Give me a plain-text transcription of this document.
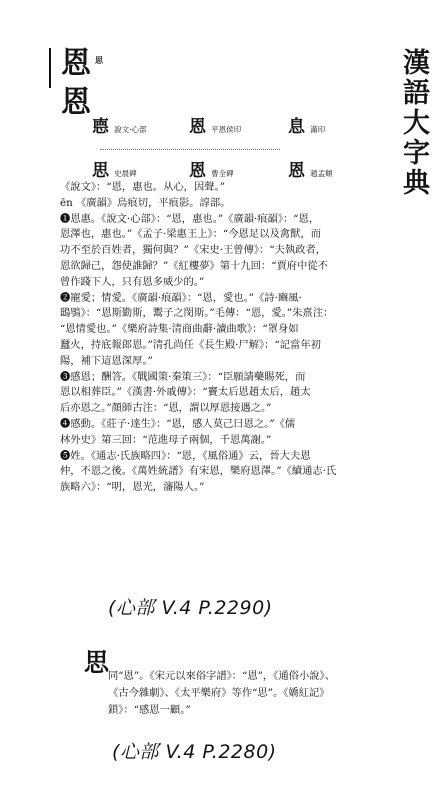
恩
恩
思	漢語大字典
㥁 說文·心部	恩 平恩侯印	息 滿印
思 史晨碑	恩 曹全碑	恩 趙孟頫

《說文》：“恩，惠也。从心，因聲。”

ēn 《廣韻》烏痕切，平痕影。諄部。

❶恩惠。《說文·心部》：“恩，惠也。”《廣韻·痕韻》：“恩，

恩澤也，惠也。”《孟子·梁惠王上》：“今恩足以及禽獸，而

功不至於百姓者，獨何與？”《宋史·王曾傳》：“夫執政者，

恩欲歸己，怨使誰歸？”《紅樓夢》第十九回：“賈府中從不

曾作踐下人，只有恩多威少的。”

❷寵愛；情愛。《廣韻·痕韻》：“恩，愛也。”《詩·豳風·

鴟鴞》：“恩斯勤斯，鬻子之閔斯。”毛傳：“恩，愛。”朱熹注：

“恩情愛也。”《樂府詩集·清商曲辭·讀曲歌》：“罩身如

蠶火，持底報郎恩。”清孔尚任《長生殿·尸解》：“記當年初

陽，補下這恩深厚。”

❸感恩；酬答。《戰國策·秦策三》：“臣願請藥賜死，而

恩以相葬臣。”《漢書·外戚傳》：“竇太后恩趙太后，趙太

后亦恩之。”顏師古注：“恩，謂以厚恩接遇之。”

❹感動。《莊子·達生》：“恩，感人莫己曰恩之。”《儒

林外史》第三回：“范進母子兩個，千恩萬謝。”

❺姓。《通志·氏族略四》：“恩，《風俗通》云，晉大夫恩

仲，不恩之後。《萬姓統譜》有宋恩，樂府恩澤。”《續通志·氏

族略六》：“明，恩光，瀋陽人。”

(心部 V.4 P.2290)
思

同“恩”。《宋元以來俗字譜》：“恩”，《通俗小說》、

《古今雜劇》、《太平樂府》等作“思”。《嬌紅記》

鎖》：“感恩一顧。”

(心部 V.4 P.2280)
